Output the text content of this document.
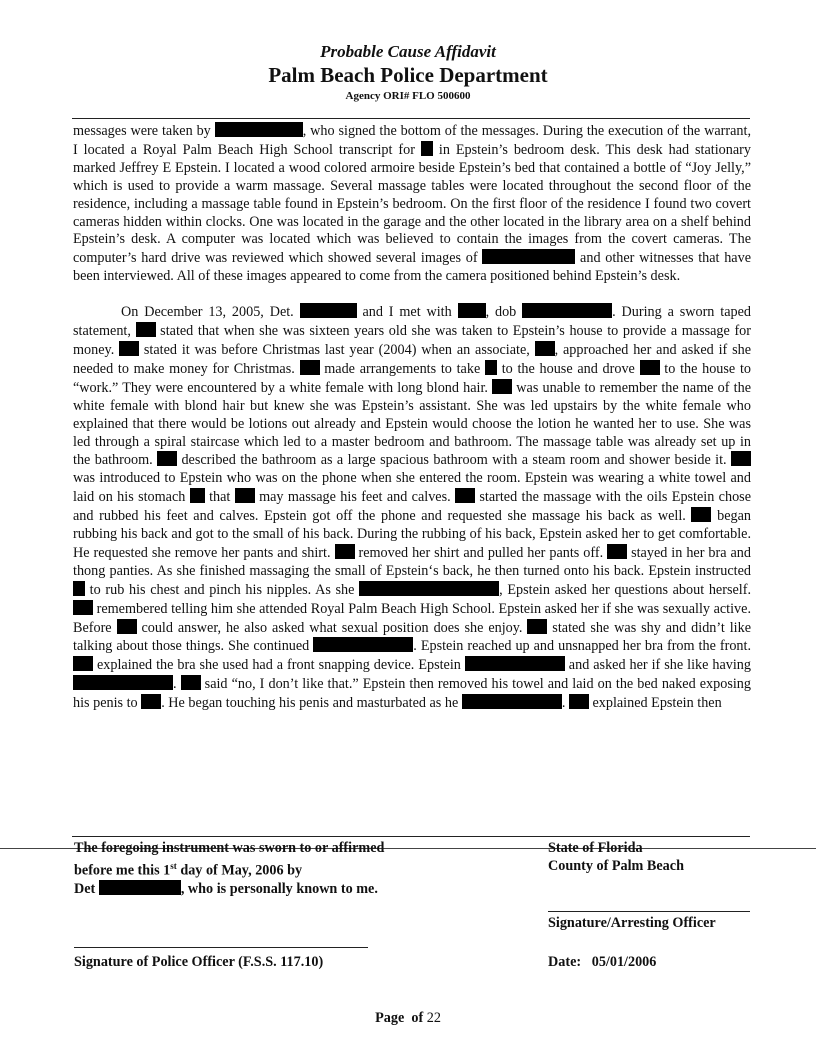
Probable Cause Affidavit
Palm Beach Police Department
Agency ORI# FLO 500600

messages were taken by	, who signed the bottom of the messages. During the execution of the warrant, I located a Royal Palm Beach High School transcript for  in Epstein’s bedroom desk. This desk had stationary marked Jeffrey E Epstein. I located a wood colored armoire beside Epstein’s bed that contained a bottle of “Joy Jelly,” which is used to provide a warm massage. Several massage tables were located throughout the second floor of the residence, including a massage table found in Epstein’s bedroom. On the first floor of the residence I found two covert cameras hidden within clocks. One was located in the garage and the other located in the library area on a shelf behind Epstein’s desk. A computer was located which was believed to contain the images from the covert cameras. The computer’s hard drive was reviewed which showed several images of	and other witnesses that have been interviewed. All of these images appeared to come from the camera positioned behind Epstein’s desk.

On December 13, 2005, Det.	and I met with , dob	. During a sworn taped statement,  stated that when she was sixteen years old she was taken to Epstein’s house to provide a massage for money.  stated it was before Christmas last year (2004) when an associate, , approached her and asked if she needed to make money for Christmas.  made arrangements to take  to the house and drove  to the house to “work.” They were encountered by a white female with long blond hair.  was unable to remember the name of the white female with blond hair but knew she was Epstein’s assistant. She was led upstairs by the white female who explained that there would be lotions out already and Epstein would choose the lotion he wanted her to use. She was led through a spiral staircase which led to a master bedroom and bathroom. The massage table was already set up in the bathroom.  described the bathroom as a large spacious bathroom with a steam room and shower beside it.  was introduced to Epstein who was on the phone when she entered the room. Epstein was wearing a white towel and laid on his stomach  that  may massage his feet and calves.  started the massage with the oils Epstein chose and rubbed his feet and calves. Epstein got off the phone and requested she massage his back as well.  began rubbing his back and got to the small of his back. During the rubbing of his back, Epstein asked her to get comfortable. He requested she remove her pants and shirt.  removed her shirt and pulled her pants off.  stayed in her bra and thong panties. As she finished massaging the small of Epstein‘s back, he then turned onto his back. Epstein instructed  to rub his chest and pinch his nipples. As she	, Epstein asked her questions about herself.  remembered telling him she attended Royal Palm Beach High School. Epstein asked her if she was sexually active. Before  could answer, he also asked what sexual position does she enjoy.  stated she was shy and didn’t like talking about those things. She continued	. Epstein reached up and unsnapped her bra from the front.  explained the bra she used had a front snapping device. Epstein	and asked her if she like having .  said “no, I don’t like that.” Epstein then removed his towel and laid on the bed naked exposing his penis to . He began touching his penis and masturbated as he	.  explained Epstein then

The foregoing instrument was sworn to or affirmed
before me this 1st day of May, 2006 by
Det	, who is personally known to me.
State of Florida
County of Palm Beach
Signature/Arresting Officer
Signature of Police Officer (F.S.S. 117.10)	Date: 05/01/2006
Page of 22
